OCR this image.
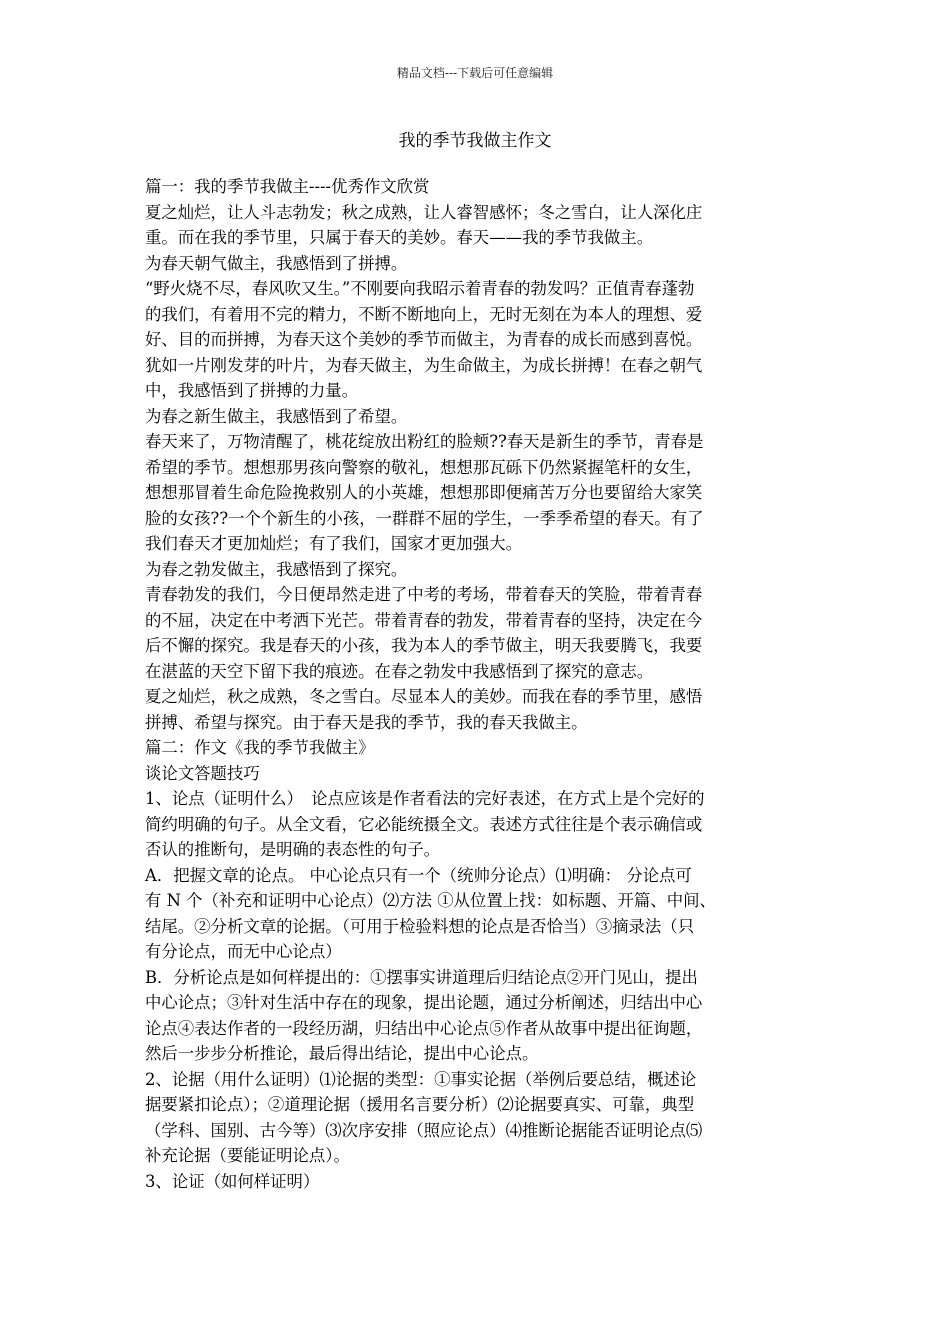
精品文档---下载后可任意编辑
我的季节我做主作文
篇一：我的季节我做主----优秀作文欣赏
夏之灿烂，让人斗志勃发；秋之成熟，让人睿智感怀；冬之雪白，让人深化庄
重。而在我的季节里，只属于春天的美妙。春天——我的季节我做主。
为春天朝气做主，我感悟到了拼搏。
“野火烧不尽，春风吹又生。”不刚要向我昭示着青春的勃发吗？正值青春蓬勃
的我们，有着用不完的精力，不断不断地向上，无时无刻在为本人的理想、爱
好、目的而拼搏，为春天这个美妙的季节而做主，为青春的成长而感到喜悦。
犹如一片刚发芽的叶片，为春天做主，为生命做主，为成长拼搏！在春之朝气
中，我感悟到了拼搏的力量。
为春之新生做主，我感悟到了希望。
春天来了，万物清醒了，桃花绽放出粉红的脸颊??春天是新生的季节，青春是
希望的季节。想想那男孩向警察的敬礼，想想那瓦砾下仍然紧握笔杆的女生，
想想那冒着生命危险挽救别人的小英雄，想想那即便痛苦万分也要留给大家笑
脸的女孩??一个个新生的小孩，一群群不屈的学生，一季季希望的春天。有了
我们春天才更加灿烂；有了我们，国家才更加强大。
为春之勃发做主，我感悟到了探究。
青春勃发的我们，今日便昂然走进了中考的考场，带着春天的笑脸，带着青春
的不屈，决定在中考洒下光芒。带着青春的勃发，带着青春的坚持，决定在今
后不懈的探究。我是春天的小孩，我为本人的季节做主，明天我要腾飞，我要
在湛蓝的天空下留下我的痕迹。在春之勃发中我感悟到了探究的意志。
夏之灿烂，秋之成熟，冬之雪白。尽显本人的美妙。而我在春的季节里，感悟
拼搏、希望与探究。由于春天是我的季节，我的春天我做主。
篇二：作文《我的季节我做主》
谈论文答题技巧
1、论点（证明什么）　论点应该是作者看法的完好表述，在方式上是个完好的
简约明确的句子。从全文看，它必能统摄全文。表述方式往往是个表示确信或
否认的推断句，是明确的表态性的句子。
A．把握文章的论点。 中心论点只有一个（统帅分论点）⑴明确： 分论点可
有 N 个（补充和证明中心论点）⑵方法 ①从位置上找：如标题、开篇、中间、
结尾。②分析文章的论据。（可用于检验料想的论点是否恰当）③摘录法（只
有分论点，而无中心论点）
B．分析论点是如何样提出的：①摆事实讲道理后归结论点②开门见山，提出
中心论点；③针对生活中存在的现象，提出论题，通过分析阐述，归结出中心
论点④表达作者的一段经历湖，归结出中心论点⑤作者从故事中提出征询题，
然后一步步分析推论，最后得出结论，提出中心论点。
2、论据（用什么证明）⑴论据的类型：①事实论据（举例后要总结，概述论
据要紧扣论点）；②道理论据（援用名言要分析）⑵论据要真实、可靠，典型
（学科、国别、古今等）⑶次序安排（照应论点）⑷推断论据能否证明论点⑸
补充论据（要能证明论点）。
3、论证（如何样证明）
